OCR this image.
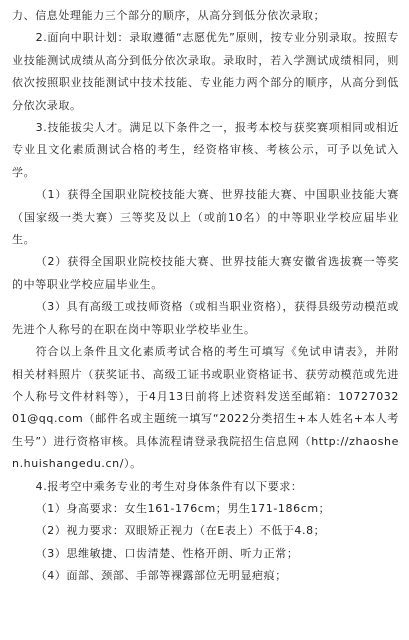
力、信息处理能力三个部分的顺序，从高分到低分依次录取；

2.面向中职计划：录取遵循“志愿优先”原则，按专业分别录取。按照专业技能测试成绩从高分到低分依次录取。录取时，若入学测试成绩相同，则依次按照职业技能测试中技术技能、专业能力两个部分的顺序，从高分到低分依次录取。

3.技能拔尖人才。满足以下条件之一，报考本校与获奖赛项相同或相近专业且文化素质测试合格的考生，经资格审核、考核公示，可予以免试入学。

（1）获得全国职业院校技能大赛、世界技能大赛、中国职业技能大赛（国家级一类大赛）三等奖及以上（或前10名）的中等职业学校应届毕业生。

（2）获得全国职业院校技能大赛、世界技能大赛安徽省选拔赛一等奖的中等职业学校应届毕业生。

（3）具有高级工或技师资格（或相当职业资格），获得县级劳动模范或先进个人称号的在职在岗中等职业学校毕业生。

符合以上条件且文化素质考试合格的考生可填写《免试申请表》，并附相关材料照片（获奖证书、高级工证书或职业资格证书、获劳动模范或先进个人称号文件材料等），于4月13日前将上述资料发送至邮箱：1072703201@qq.com（邮件名或主题统一填写“2022分类招生+本人姓名+本人考生号”）进行资格审核。具体流程请登录我院招生信息网（http://zhaoshen.huishangedu.cn/）。

4.报考空中乘务专业的考生对身体条件有以下要求：

（1）身高要求：女生161-176cm；男生171-186cm；

（2）视力要求：双眼矫正视力（在E表上）不低于4.8；

（3）思维敏捷、口齿清楚、性格开朗、听力正常；

（4）面部、颈部、手部等裸露部位无明显疤痕；
